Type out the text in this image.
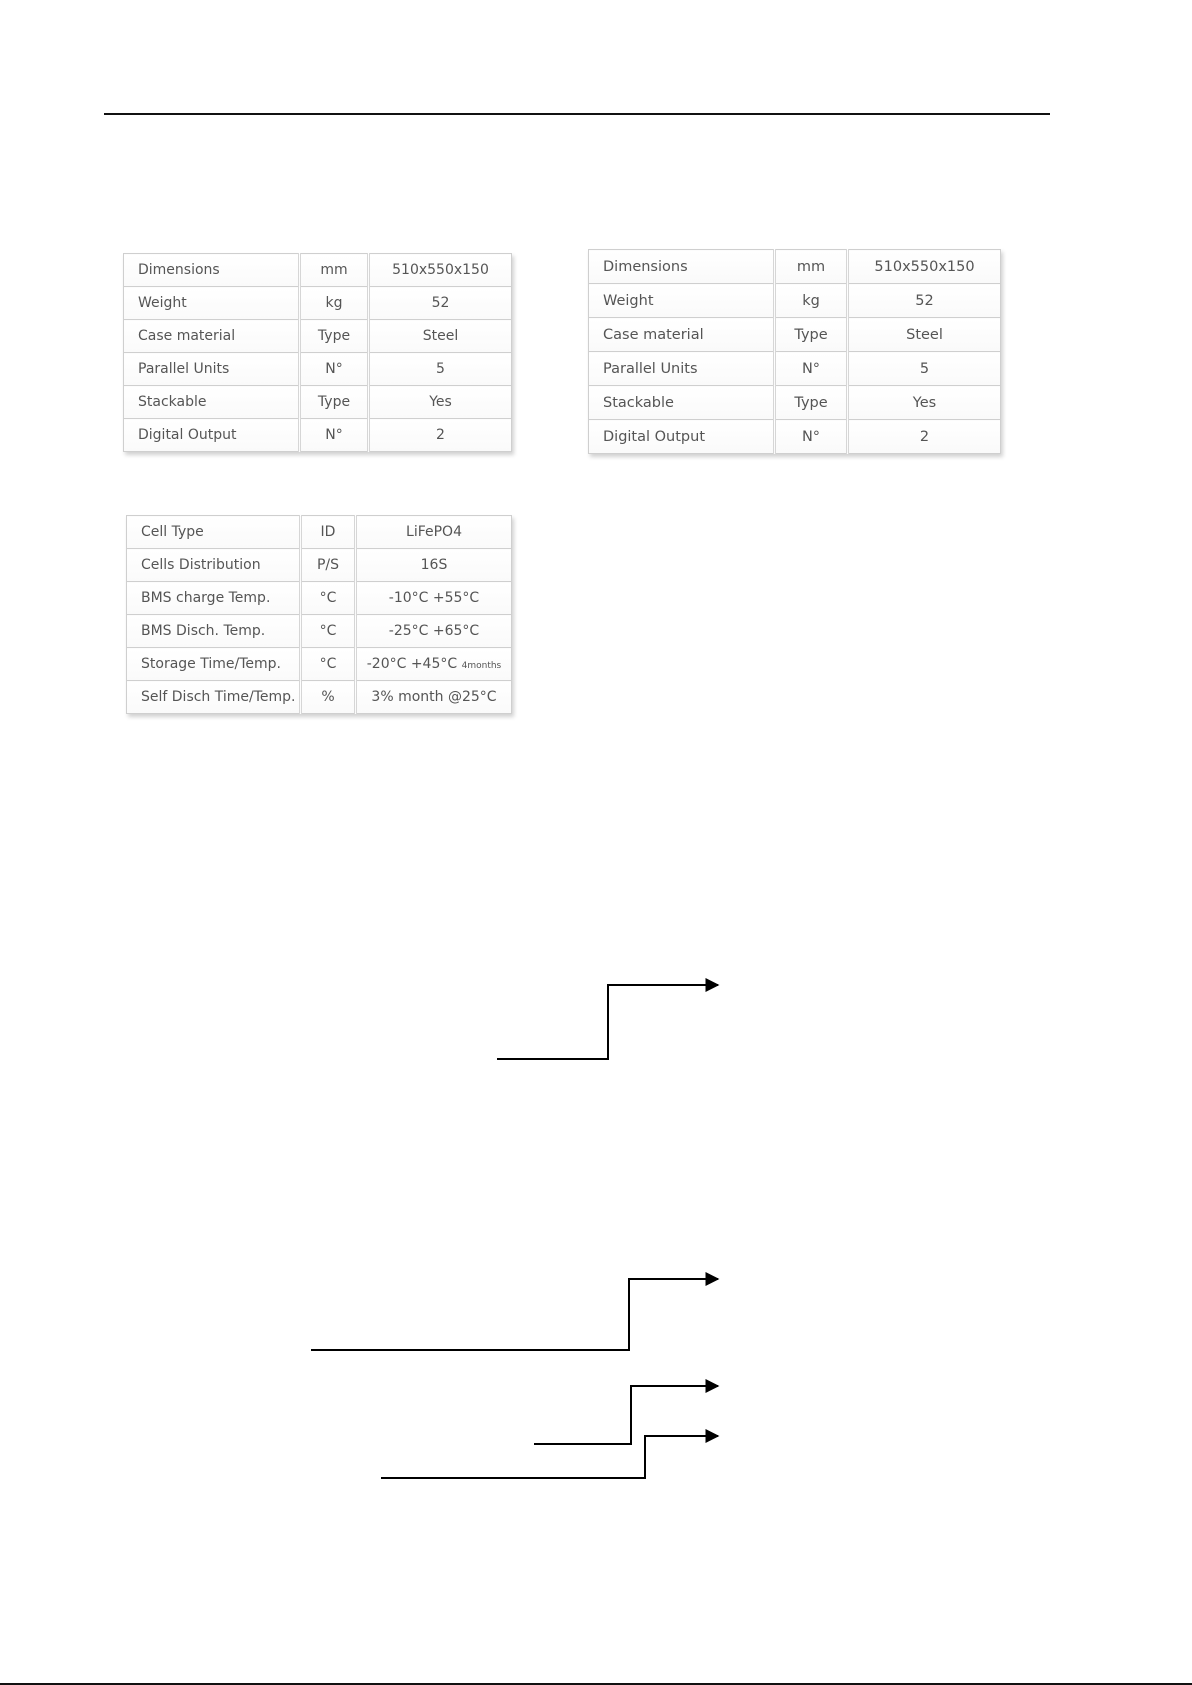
Dimensions	mm	510x550x150
Weight	kg	52
Case material	Type	Steel
Parallel Units	N°	5
Stackable	Type	Yes
Digital Output	N°	2
Dimensions	mm	510x550x150
Weight	kg	52
Case material	Type	Steel
Parallel Units	N°	5
Stackable	Type	Yes
Digital Output	N°	2
Cell Type	ID	LiFePO4
Cells Distribution	P/S	16S
BMS charge Temp.	°C	-10°C +55°C
BMS Disch. Temp.	°C	-25°C +65°C
Storage Time/Temp.	°C	-20°C +45°C 4months
Self Disch Time/Temp.	%	3% month @25°C
